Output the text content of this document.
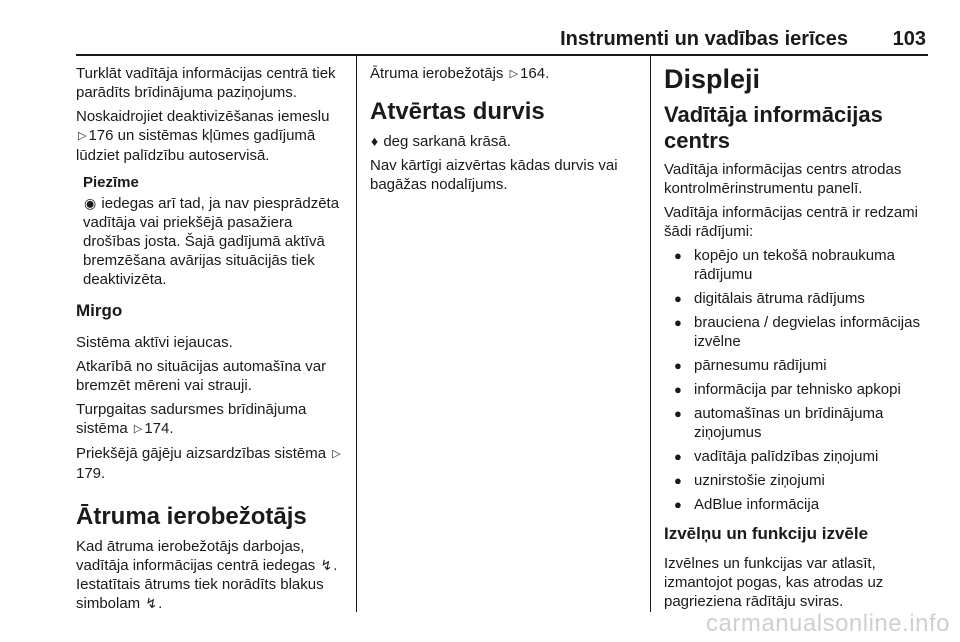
Instrumenti un vadības ierīces 103

Turklāt vadītāja informācijas centrā tiek parādīts brīdinājuma paziņojums.

Noskaidrojiet deaktivizēšanas iemeslu ▷ 176 un sistēmas kļūmes gadījumā lūdziet palīdzību autoservisā.

Piezīme

◉ iedegas arī tad, ja nav piesprādzēta vadītāja vai priekšējā pasažiera drošības josta. Šajā gadījumā aktīvā bremzēšana avārijas situācijās tiek deaktivizēta.

Mirgo

Sistēma aktīvi iejaucas.

Atkarībā no situācijas automašīna var bremzēt mēreni vai strauji.

Turpgaitas sadursmes brīdinājuma sistēma ▷ 174.

Priekšējā gājēju aizsardzības sistēma ▷179.

Ātruma ierobežotājs

Kad ātruma ierobežotājs darbojas, vadītāja informācijas centrā iedegas ↯. Iestatītais ātrums tiek norādīts blakus simbolam ↯.

Ātruma ierobežotājs ▷ 164.

Atvērtas durvis

♦ deg sarkanā krāsā.

Nav kārtīgi aizvērtas kādas durvis vai bagāžas nodalījums.

Displeji
Vadītāja informācijas centrs

Vadītāja informācijas centrs atrodas kontrolmērinstrumentu panelī.

Vadītāja informācijas centrā ir redzami šādi rādījumi:

● kopējo un tekošā nobraukuma rādījumu
● digitālais ātruma rādījums
● brauciena / degvielas informācijas izvēlne
● pārnesumu rādījumi
● informācija par tehnisko apkopi
● automašīnas un brīdinājuma ziņojumus
● vadītāja palīdzības ziņojumi
● uznirstošie ziņojumi
● AdBlue informācija
Izvēlņu un funkciju izvēle

Izvēlnes un funkcijas var atlasīt, izmantojot pogas, kas atrodas uz pagrieziena rādītāju sviras.

carmanualsonline.info
